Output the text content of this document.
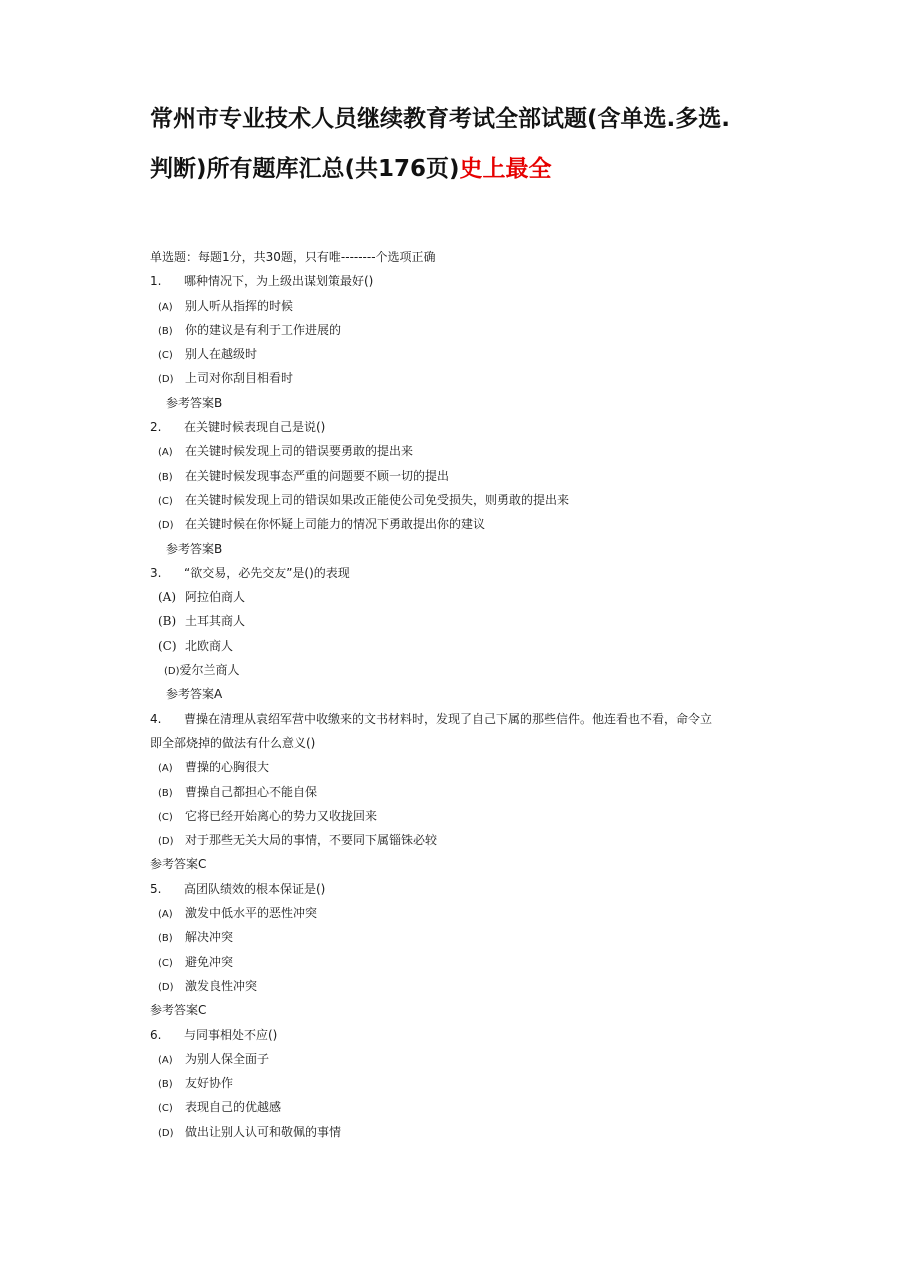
常州市专业技术人员继续教育考试全部试题(含单选.多选.
判断)所有题库汇总(共176页)史上最全
单选题：每题1分，共30题，只有唯--------个选项正确
1. 哪种情况下，为上级出谋划策最好()
(A) 别人听从指挥的时候
(B) 你的建议是有利于工作进展的
(C) 别人在越级时
(D) 上司对你刮目相看时
参考答案B
2. 在关键时候表现自己是说()
(A) 在关键时候发现上司的错误要勇敢的提出来
(B) 在关键时候发现事态严重的问题要不顾一切的提出
(C) 在关键时候发现上司的错误如果改正能使公司免受损失，则勇敢的提出来
(D) 在关键时候在你怀疑上司能力的情况下勇敢提出你的建议
参考答案B
3. “欲交易，必先交友”是()的表现
(A) 阿拉伯商人
(B) 土耳其商人
(C) 北欧商人
(D)爱尔兰商人
参考答案A
4. 曹操在清理从袁绍军营中收缴来的文书材料时，发现了自己下属的那些信件。他连看也不看，命令立
即全部烧掉的做法有什么意义()
(A) 曹操的心胸很大
(B) 曹操自己都担心不能自保
(C) 它将已经开始离心的势力又收拢回来
(D) 对于那些无关大局的事情，不要同下属锱铢必较
参考答案C
5. 高团队绩效的根本保证是()
(A) 激发中低水平的恶性冲突
(B) 解决冲突
(C) 避免冲突
(D) 激发良性冲突
参考答案C
6. 与同事相处不应()
(A) 为别人保全面子
(B) 友好协作
(C) 表现自己的优越感
(D) 做出让别人认可和敬佩的事情
